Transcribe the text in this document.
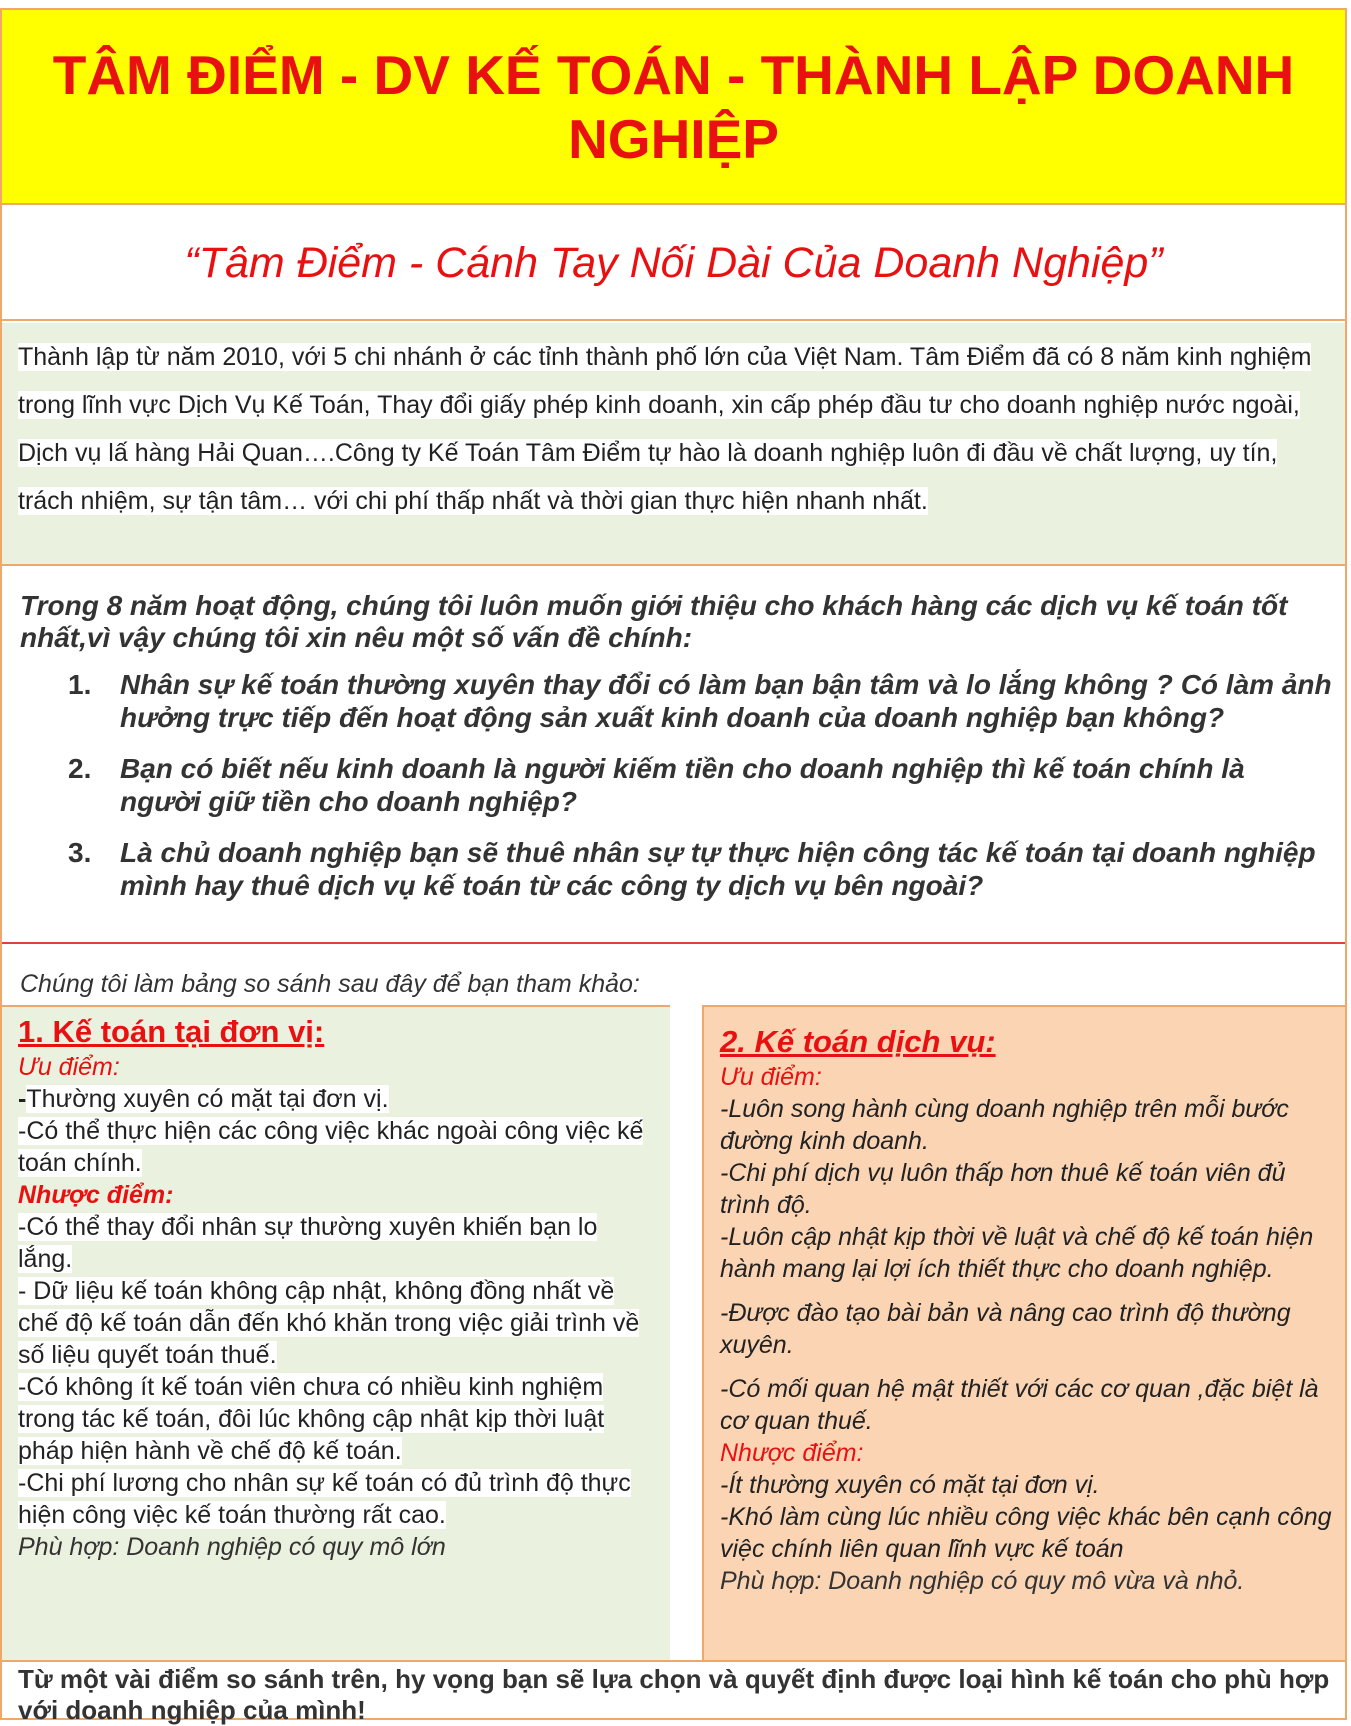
TÂM ĐIỂM - DV KẾ TOÁN - THÀNH LẬP DOANH NGHIỆP
“Tâm Điểm - Cánh Tay Nối Dài Của Doanh Nghiệp”

Thành lập từ năm 2010, với 5 chi nhánh ở các tỉnh thành phố lớn của Việt Nam. Tâm Điểm đã có 8 năm kinh nghiệm trong lĩnh vực Dịch Vụ Kế Toán, Thay đổi giấy phép kinh doanh, xin cấp phép đầu tư cho doanh nghiệp nước ngoài, Dịch vụ lấ hàng Hải Quan….Công ty Kế Toán Tâm Điểm tự hào là doanh nghiệp luôn đi đầu về chất lượng, uy tín, trách nhiệm, sự tận tâm… với chi phí thấp nhất và thời gian thực hiện nhanh nhất.

Trong 8 năm hoạt động, chúng tôi luôn muốn giới thiệu cho khách hàng các dịch vụ kế toán tốt nhất,vì vậy chúng tôi xin nêu một số vấn đề chính:

1.	Nhân sự kế toán thường xuyên thay đổi có làm bạn bận tâm và lo lắng không ? Có làm ảnh hưởng trực tiếp đến hoạt động sản xuất kinh doanh của doanh nghiệp bạn không?
2.	Bạn có biết nếu kinh doanh là người kiếm tiền cho doanh nghiệp thì kế toán chính là người giữ tiền cho doanh nghiệp?
3.	Là chủ doanh nghiệp bạn sẽ thuê nhân sự tự thực hiện công tác kế toán tại doanh nghiệp mình hay thuê dịch vụ kế toán từ các công ty dịch vụ bên ngoài?
Chúng tôi làm bảng so sánh sau đây để bạn tham khảo:
1. Kế toán tại đơn vị:
Ưu điểm:
-Thường xuyên có mặt tại đơn vị.
-Có thể thực hiện các công việc khác ngoài công việc kế toán chính.
Nhược điểm:
-Có thể thay đổi nhân sự thường xuyên khiến bạn lo lắng.
- Dữ liệu kế toán không cập nhật, không đồng nhất về chế độ kế toán dẫn đến khó khăn trong việc giải trình về số liệu quyết toán thuế.
-Có không ít kế toán viên chưa có nhiều kinh nghiệm trong tác kế toán, đôi lúc không cập nhật kịp thời luật pháp hiện hành về chế độ kế toán.
-Chi phí lương cho nhân sự kế toán có đủ trình độ thực hiện công việc kế toán thường rất cao.
Phù hợp: Doanh nghiệp có quy mô lớn
2. Kế toán dịch vụ:
Ưu điểm:
-Luôn song hành cùng doanh nghiệp trên mỗi bước đường kinh doanh.
-Chi phí dịch vụ luôn thấp hơn thuê kế toán viên đủ trình độ.
-Luôn cập nhật kịp thời về luật và chế độ kế toán hiện hành mang lại lợi ích thiết thực cho doanh nghiệp.
-Được đào tạo bài bản và nâng cao trình độ thường xuyên.
-Có mối quan hệ mật thiết với các cơ quan ,đặc biệt là cơ quan thuế.
Nhược điểm:
-Ít thường xuyên có mặt tại đơn vị.
-Khó làm cùng lúc nhiều công việc khác bên cạnh công việc chính liên quan lĩnh vực kế toán
Phù hợp: Doanh nghiệp có quy mô vừa và nhỏ.
Từ một vài điểm so sánh trên, hy vọng bạn sẽ lựa chọn và quyết định được loại hình kế toán cho phù hợp với doanh nghiệp của mình!
